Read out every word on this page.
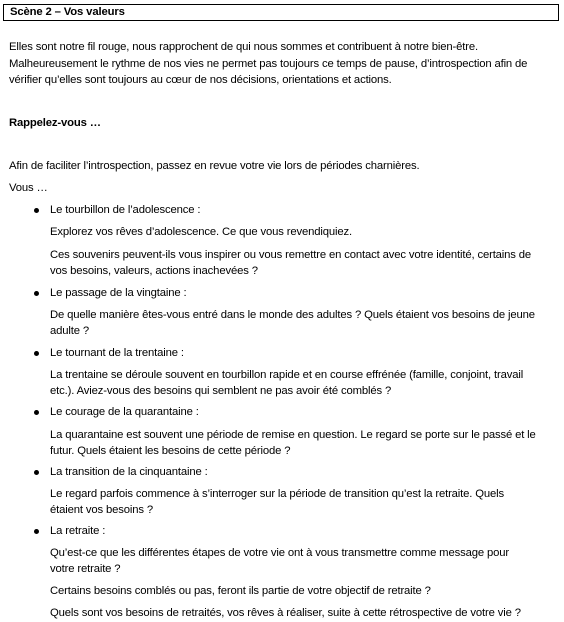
Scène 2 – Vos valeurs
Elles sont notre fil rouge, nous rapprochent de qui nous sommes et contribuent à notre bien-être.
Malheureusement le rythme de nos vies ne permet pas toujours ce temps de pause, d’introspection afin de
vérifier qu’elles sont toujours au cœur de nos décisions, orientations et actions.
Rappelez-vous …
Afin de faciliter l’introspection, passez en revue votre vie lors de périodes charnières.
Vous …
Le tourbillon de l’adolescence :
Explorez vos rêves d’adolescence. Ce que vous revendiquiez.
Ces souvenirs peuvent-ils vous inspirer ou vous remettre en contact avec votre identité, certains de
vos besoins, valeurs, actions inachevées ?
Le passage de la vingtaine :
De quelle manière êtes-vous entré dans le monde des adultes ? Quels étaient vos besoins de jeune
adulte ?
Le tournant de la trentaine :
La trentaine se déroule souvent en tourbillon rapide et en course effrénée (famille, conjoint, travail
etc.). Aviez-vous des besoins qui semblent ne pas avoir été comblés ?
Le courage de la quarantaine :
La quarantaine est souvent une période de remise en question. Le regard se porte sur le passé et le
futur. Quels étaient les besoins de cette période ?
La transition de la cinquantaine :
Le regard parfois commence à s’interroger sur la période de transition qu’est la retraite. Quels
étaient vos besoins ?
La retraite :
Qu’est-ce que les différentes étapes de votre vie ont à vous transmettre comme message pour
votre retraite ?
Certains besoins comblés ou pas, feront ils partie de votre objectif de retraite ?
Quels sont vos besoins de retraités, vos rêves à réaliser, suite à cette rétrospective de votre vie ?
